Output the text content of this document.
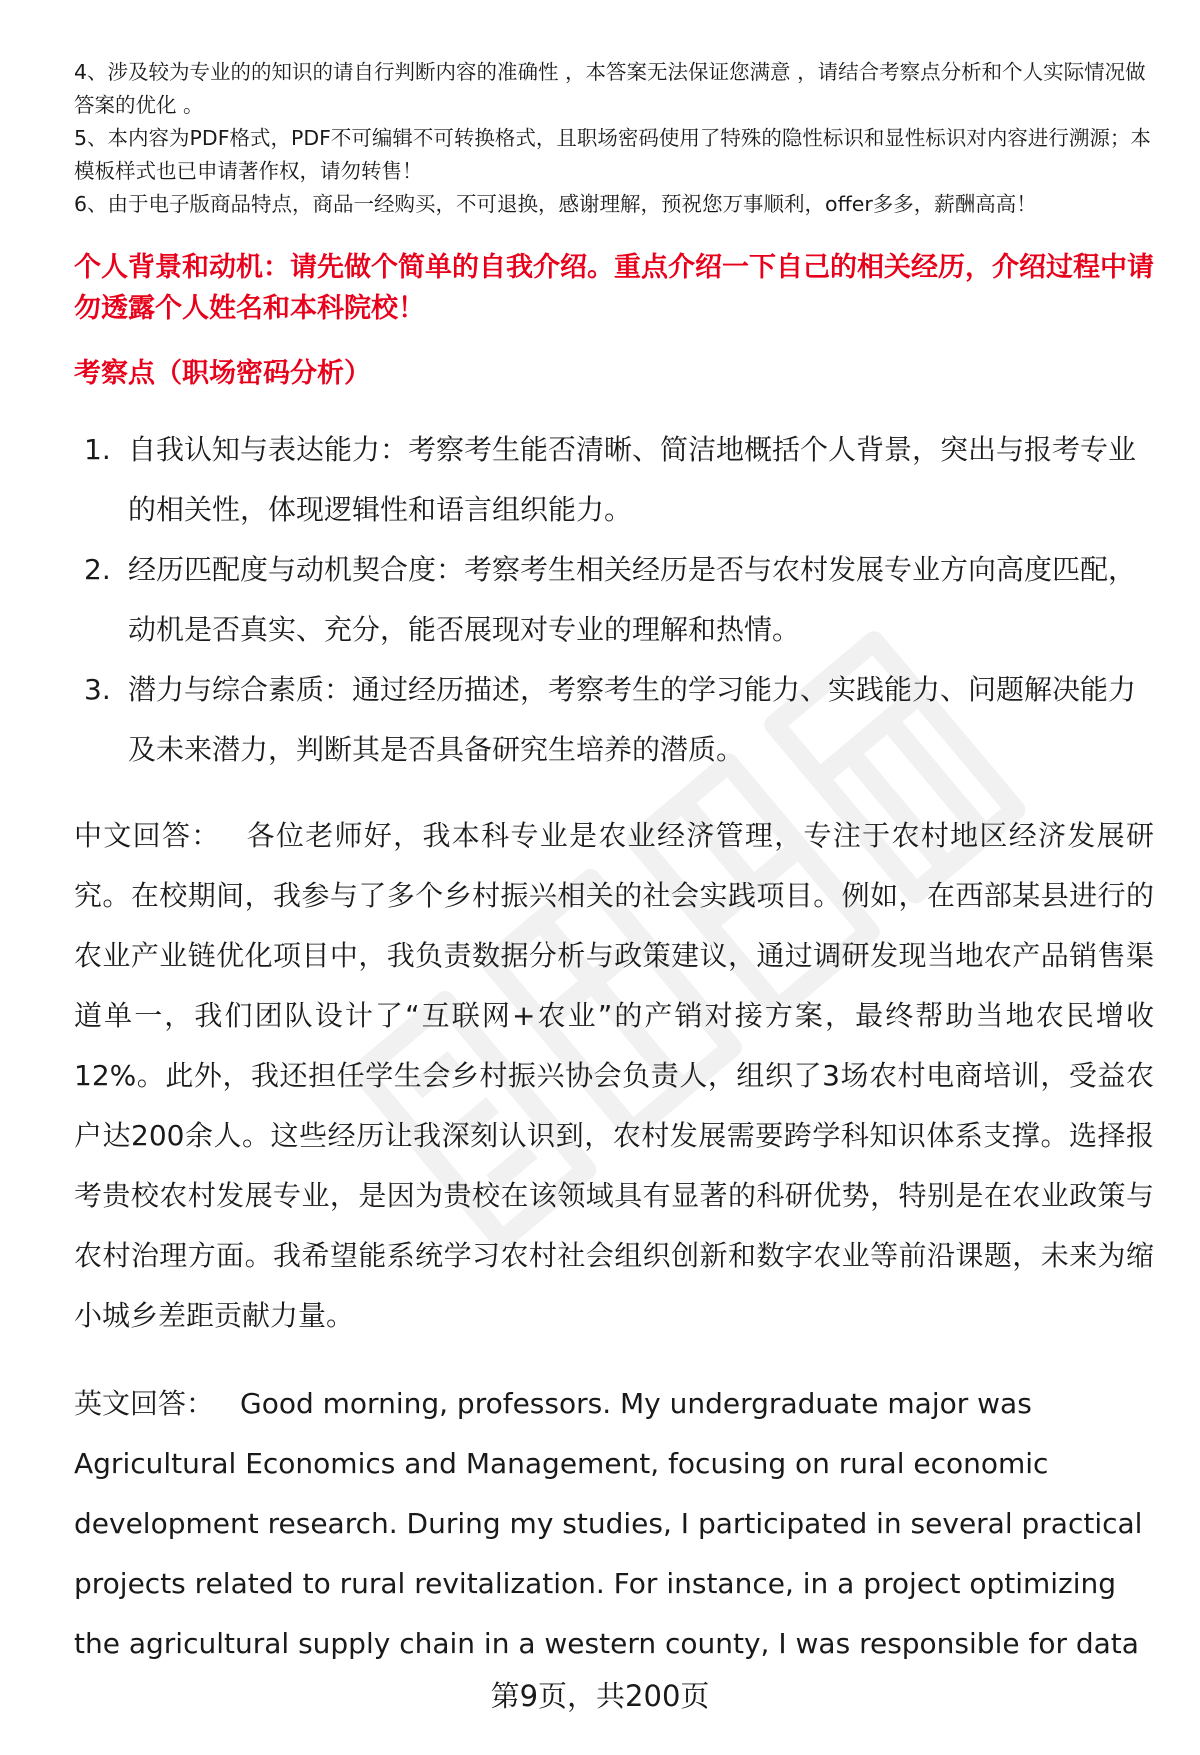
4、涉及较为专业的的知识的请自行判断内容的准确性 ，本答案无法保证您满意 ，请结合考察点分析和个人实际情况做答案的优化 。

5、本内容为PDF格式，PDF不可编辑不可转换格式，且职场密码使用了特殊的隐性标识和显性标识对内容进行溯源；本模板样式也已申请著作权，请勿转售！

6、由于电子版商品特点，商品一经购买，不可退换，感谢理解，预祝您万事顺利，offer多多，薪酬高高！

个人背景和动机：请先做个简单的自我介绍。重点介绍一下自己的相关经历，介绍过程中请勿透露个人姓名和本科院校！
考察点（职场密码分析）
1. 自我认知与表达能力：考察考生能否清晰、简洁地概括个人背景，突出与报考专业的相关性，体现逻辑性和语言组织能力。
2. 经历匹配度与动机契合度：考察考生相关经历是否与农村发展专业方向高度匹配，动机是否真实、充分，能否展现对专业的理解和热情。
3. 潜力与综合素质：通过经历描述，考察考生的学习能力、实践能力、问题解决能力及未来潜力，判断其是否具备研究生培养的潜质。

中文回答： 各位老师好，我本科专业是农业经济管理，专注于农村地区经济发展研究。在校期间，我参与了多个乡村振兴相关的社会实践项目。例如，在西部某县进行的农业产业链优化项目中，我负责数据分析与政策建议，通过调研发现当地农产品销售渠道单一，我们团队设计了“互联网+农业”的产销对接方案，最终帮助当地农民增收12%。此外，我还担任学生会乡村振兴协会负责人，组织了3场农村电商培训，受益农户达200余人。这些经历让我深刻认识到，农村发展需要跨学科知识体系支撑。选择报考贵校农村发展专业，是因为贵校在该领域具有显著的科研优势，特别是在农业政策与农村治理方面。我希望能系统学习农村社会组织创新和数字农业等前沿课题，未来为缩小城乡差距贡献力量。

英文回答： Good morning, professors. My undergraduate major was Agricultural Economics and Management, focusing on rural economic development research. During my studies, I participated in several practical projects related to rural revitalization. For instance, in a project optimizing the agricultural supply chain in a western county, I was responsible for data

第9页，共200页
